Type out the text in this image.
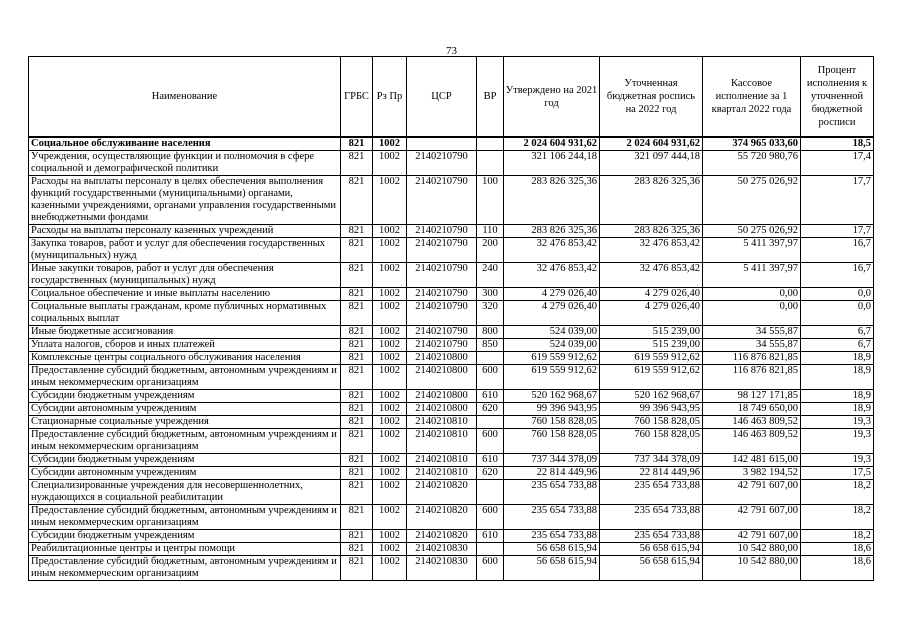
73
Наименование	ГРБС	Рз Пр	ЦСР	ВР	Утверждено на 2021 год	Уточненная бюджетная роспись на 2022 год	Кассовое исполнение за 1 квартал 2022 года	Процент исполнения к уточненной бюджетной росписи
Социальное обслуживание населения	821	1002			2 024 604 931,62	2 024 604 931,62	374 965 033,60	18,5
Учреждения, осуществляющие функции и полномочия в сфере социальной и демографической политики	821	1002	2140210790		321 106 244,18	321 097 444,18	55 720 980,76	17,4
Расходы на выплаты персоналу в целях обеспечения выполнения функций государственными (муниципальными) органами, казенными учреждениями, органами управления государственными внебюджетными фондами	821	1002	2140210790	100	283 826 325,36	283 826 325,36	50 275 026,92	17,7
Расходы на выплаты персоналу казенных учреждений	821	1002	2140210790	110	283 826 325,36	283 826 325,36	50 275 026,92	17,7
Закупка товаров, работ и услуг для обеспечения государственных (муниципальных) нужд	821	1002	2140210790	200	32 476 853,42	32 476 853,42	5 411 397,97	16,7
Иные закупки товаров, работ и услуг для обеспечения государственных (муниципальных) нужд	821	1002	2140210790	240	32 476 853,42	32 476 853,42	5 411 397,97	16,7
Социальное обеспечение и иные выплаты населению	821	1002	2140210790	300	4 279 026,40	4 279 026,40	0,00	0,0
Социальные выплаты гражданам, кроме публичных нормативных социальных выплат	821	1002	2140210790	320	4 279 026,40	4 279 026,40	0,00	0,0
Иные бюджетные ассигнования	821	1002	2140210790	800	524 039,00	515 239,00	34 555,87	6,7
Уплата налогов, сборов и иных платежей	821	1002	2140210790	850	524 039,00	515 239,00	34 555,87	6,7
Комплексные центры социального обслуживания населения	821	1002	2140210800		619 559 912,62	619 559 912,62	116 876 821,85	18,9
Предоставление субсидий бюджетным, автономным учреждениям и иным некоммерческим организациям	821	1002	2140210800	600	619 559 912,62	619 559 912,62	116 876 821,85	18,9
Субсидии бюджетным учреждениям	821	1002	2140210800	610	520 162 968,67	520 162 968,67	98 127 171,85	18,9
Субсидии автономным учреждениям	821	1002	2140210800	620	99 396 943,95	99 396 943,95	18 749 650,00	18,9
Стационарные социальные учреждения	821	1002	2140210810		760 158 828,05	760 158 828,05	146 463 809,52	19,3
Предоставление субсидий бюджетным, автономным учреждениям и иным некоммерческим организациям	821	1002	2140210810	600	760 158 828,05	760 158 828,05	146 463 809,52	19,3
Субсидии бюджетным учреждениям	821	1002	2140210810	610	737 344 378,09	737 344 378,09	142 481 615,00	19,3
Субсидии автономным учреждениям	821	1002	2140210810	620	22 814 449,96	22 814 449,96	3 982 194,52	17,5
Специализированные учреждения для несовершеннолетних, нуждающихся в социальной реабилитации	821	1002	2140210820		235 654 733,88	235 654 733,88	42 791 607,00	18,2
Предоставление субсидий бюджетным, автономным учреждениям и иным некоммерческим организациям	821	1002	2140210820	600	235 654 733,88	235 654 733,88	42 791 607,00	18,2
Субсидии бюджетным учреждениям	821	1002	2140210820	610	235 654 733,88	235 654 733,88	42 791 607,00	18,2
Реабилитационные центры и центры помощи	821	1002	2140210830		56 658 615,94	56 658 615,94	10 542 880,00	18,6
Предоставление субсидий бюджетным, автономным учреждениям и иным некоммерческим организациям	821	1002	2140210830	600	56 658 615,94	56 658 615,94	10 542 880,00	18,6
